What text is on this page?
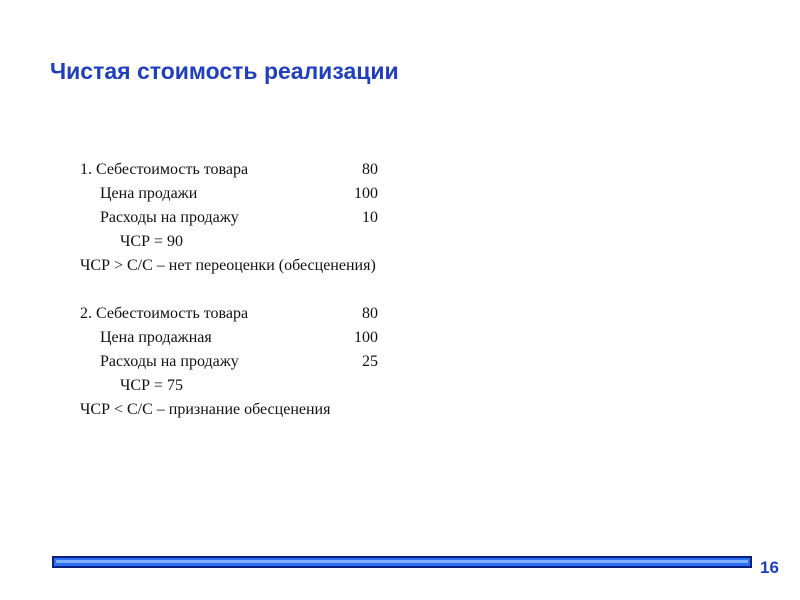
Чистая стоимость реализации
1. Себестоимость товара	80
Цена продажи	100
Расходы на продажу	10
ЧСР = 90
ЧСР > С/С – нет переоценки (обесценения)
2. Себестоимость товара	80
Цена продажная	100
Расходы на продажу	25
ЧСР = 75
ЧСР < С/С – признание обесценения
16
